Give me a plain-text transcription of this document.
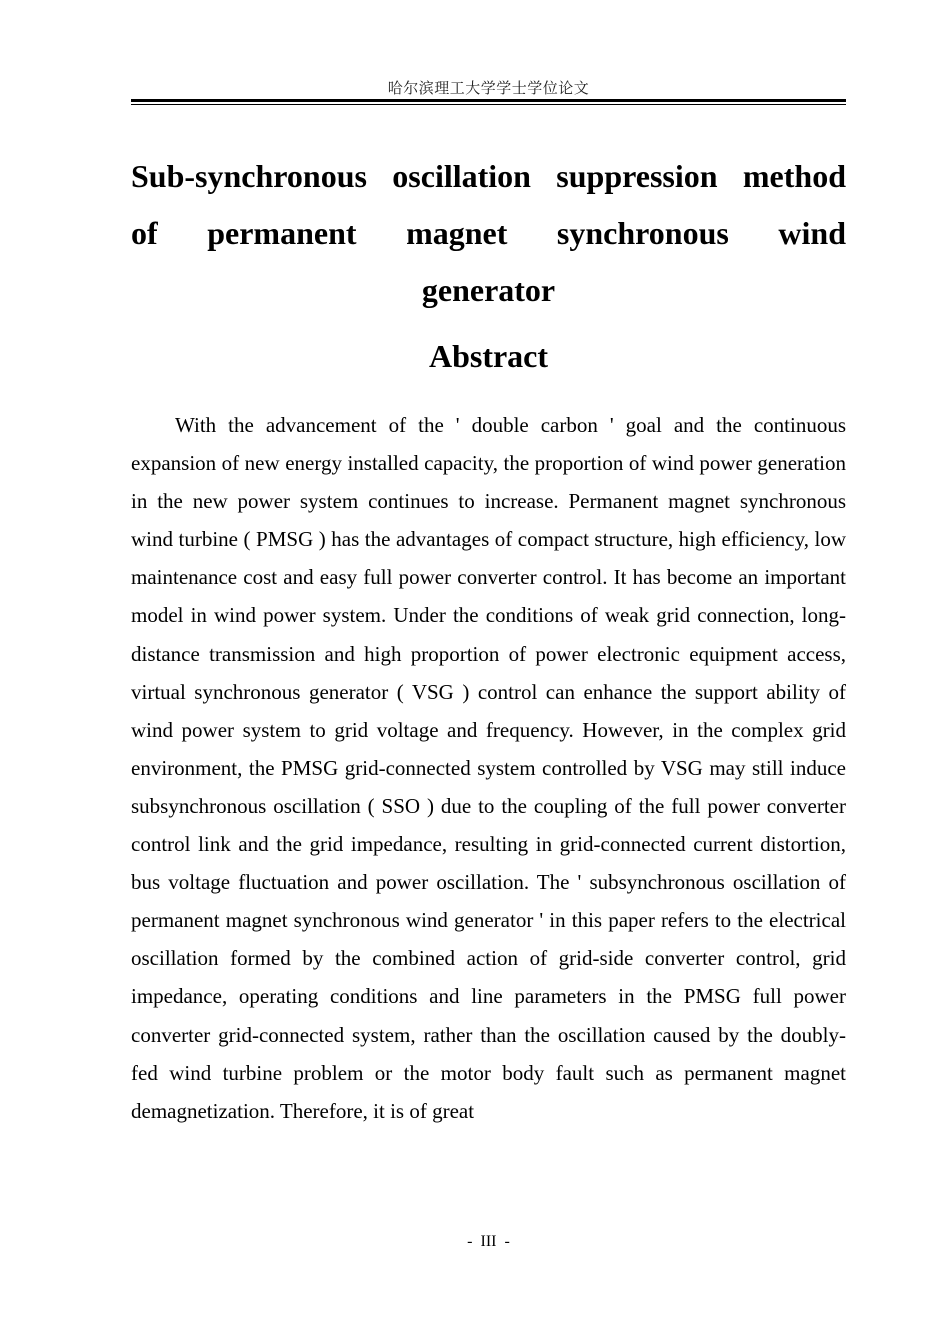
哈尔滨理工大学学士学位论文
Sub-synchronous oscillation suppression method of permanent magnet synchronous wind generator
Abstract

With the advancement of the ' double carbon ' goal and the continuous expansion of new energy installed capacity, the proportion of wind power generation in the new power system continues to increase. Permanent magnet synchronous wind turbine ( PMSG ) has the advantages of compact structure, high efficiency, low maintenance cost and easy full power converter control. It has become an important model in wind power system. Under the conditions of weak grid connection, long-distance transmission and high proportion of power electronic equipment access, virtual synchronous generator ( VSG ) control can enhance the support ability of wind power system to grid voltage and frequency. However, in the complex grid environment, the PMSG grid-connected system controlled by VSG may still induce subsynchronous oscillation ( SSO ) due to the coupling of the full power converter control link and the grid impedance, resulting in grid-connected current distortion, bus voltage fluctuation and power oscillation. The ' subsynchronous oscillation of permanent magnet synchronous wind generator ' in this paper refers to the electrical oscillation formed by the combined action of grid-side converter control, grid impedance, operating conditions and line parameters in the PMSG full power converter grid-connected system, rather than the oscillation caused by the doubly-fed wind turbine problem or the motor body fault such as permanent magnet demagnetization. Therefore, it is of great

- III -
